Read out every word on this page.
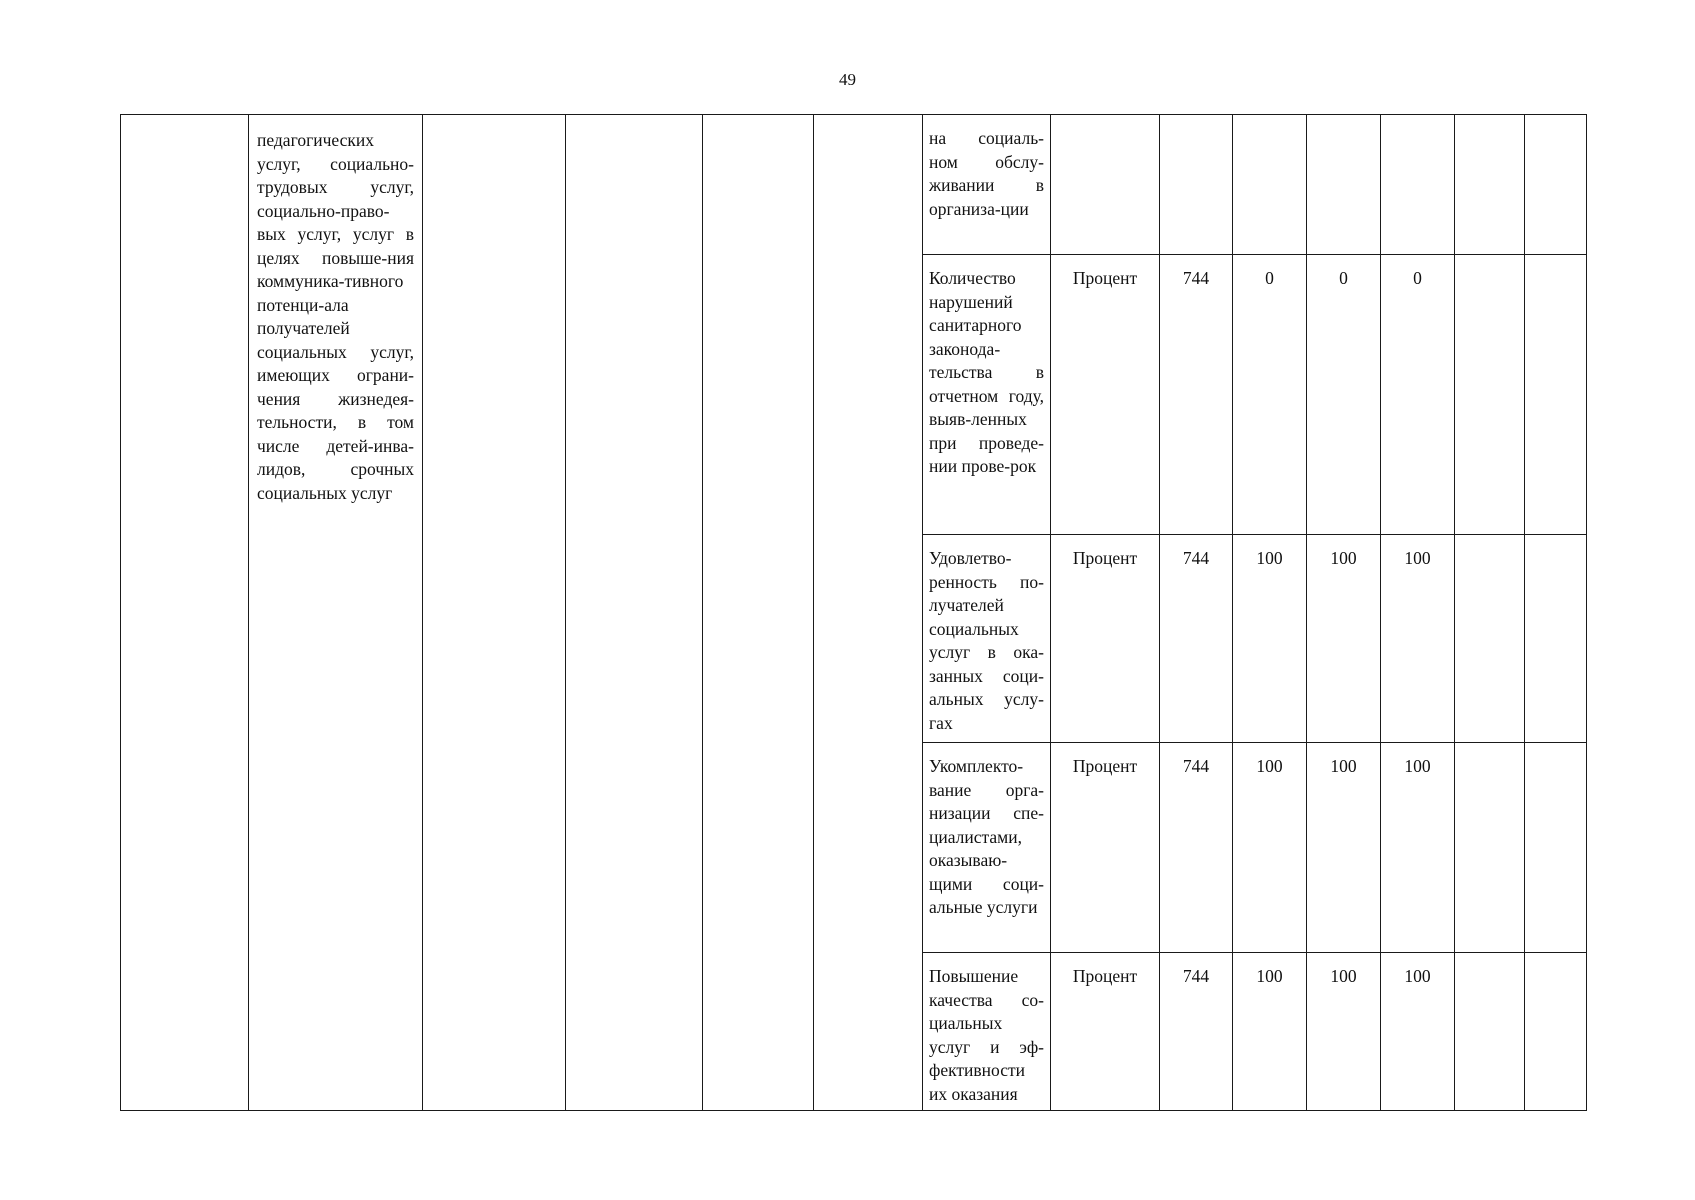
49

	педагогических услуг, социально-трудовых услуг, социально-право-вых услуг, услуг в целях повыше-ния коммуника-тивного потенци-ала получателей социальных услуг, имеющих ограни-чения жизнедея-тельности, в том числе детей-инва-лидов, срочных социальных услуг					на социаль-ном обслу-живании в организа-ции							

						Количество нарушений санитарного законода-тельства в отчетном году, выяв-ленных при проведе-нии прове-рок	Процент	744	0	0	0		

						Удовлетво-ренность по-лучателей социальных услуг в ока-занных соци-альных услу-гах	Процент	744	100	100	100		

						Укомплекто-вание орга-низации спе-циалистами, оказываю-щими соци-альные услуги	Процент	744	100	100	100		

						Повышение качества со-циальных услуг и эф-фективности их оказания	Процент	744	100	100	100		
